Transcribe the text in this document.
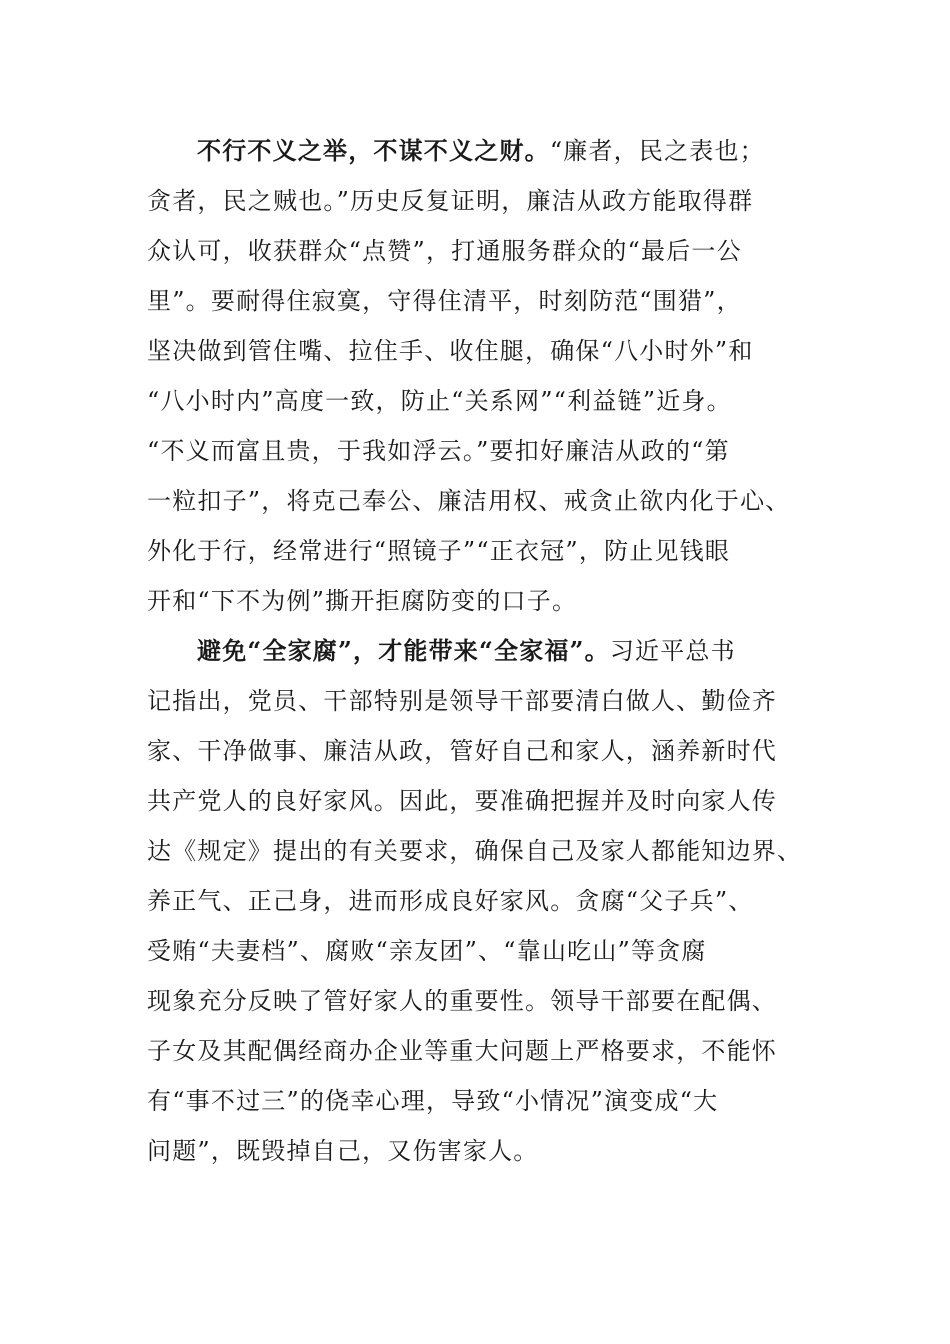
不行不义之举，不谋不义之财。“廉者，民之表也；
贪者，民之贼也。”历史反复证明，廉洁从政方能取得群
众认可，收获群众“点赞”，打通服务群众的“最后一公
里”。要耐得住寂寞，守得住清平，时刻防范“围猎”，
坚决做到管住嘴、拉住手、收住腿，确保“八小时外”和
“八小时内”高度一致，防止“关系网”“利益链”近身。
“不义而富且贵，于我如浮云。”要扣好廉洁从政的“第
一粒扣子”，将克己奉公、廉洁用权、戒贪止欲内化于心、
外化于行，经常进行“照镜子”“正衣冠”，防止见钱眼
开和“下不为例”撕开拒腐防变的口子。
避免“全家腐”，才能带来“全家福”。习近平总书
记指出，党员、干部特别是领导干部要清白做人、勤俭齐
家、干净做事、廉洁从政，管好自己和家人，涵养新时代
共产党人的良好家风。因此，要准确把握并及时向家人传
达《规定》提出的有关要求，确保自己及家人都能知边界、
养正气、正己身，进而形成良好家风。贪腐“父子兵”、
受贿“夫妻档”、腐败“亲友团”、“靠山吃山”等贪腐
现象充分反映了管好家人的重要性。领导干部要在配偶、
子女及其配偶经商办企业等重大问题上严格要求，不能怀
有“事不过三”的侥幸心理，导致“小情况”演变成“大
问题”，既毁掉自己，又伤害家人。
